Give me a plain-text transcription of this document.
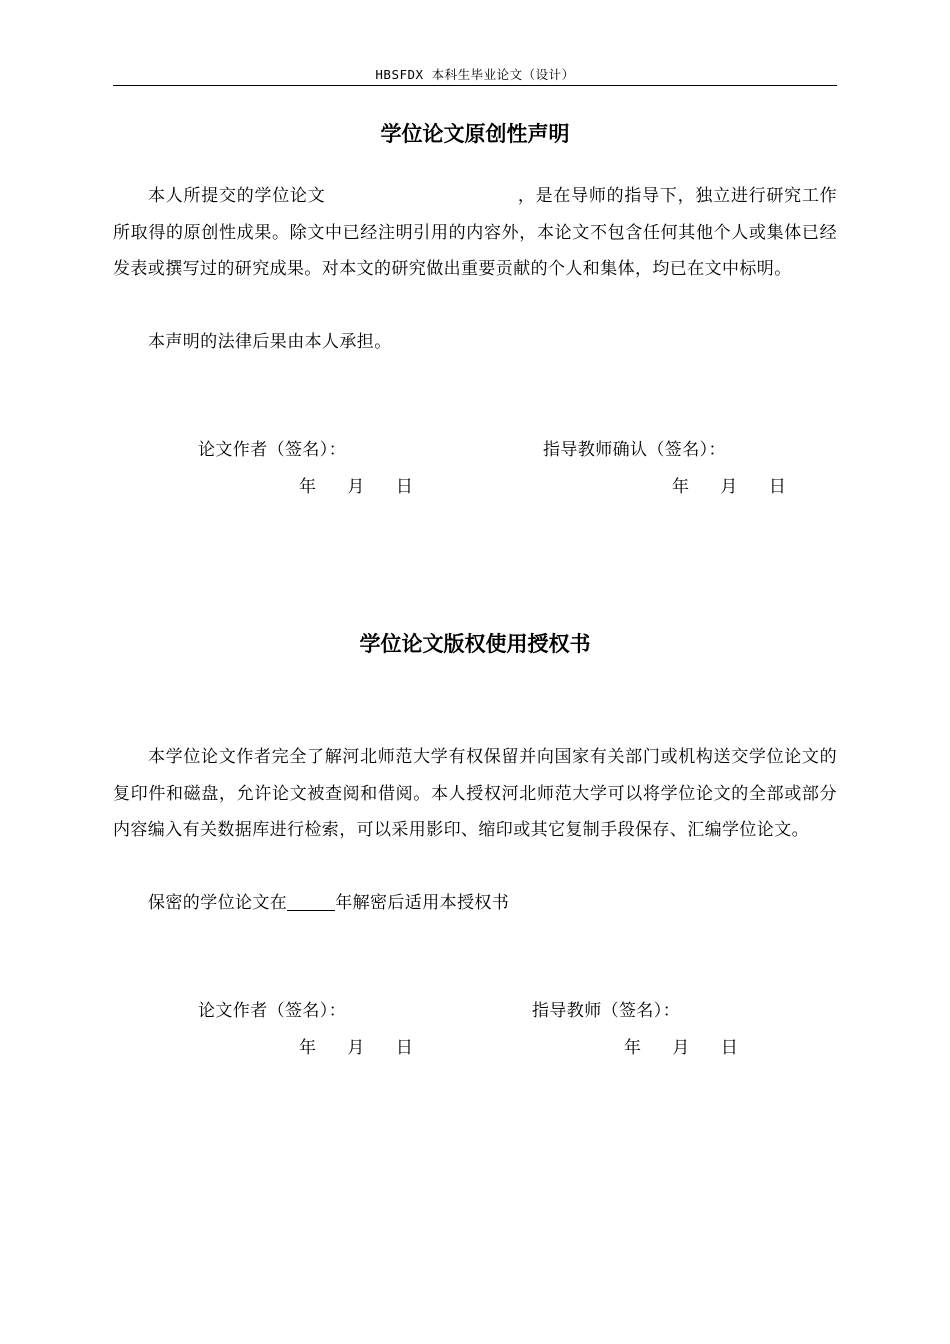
HBSFDX 本科生毕业论文（设计）
学位论文原创性声明
本人所提交的学位论文	，是在导师的指导下，独立进行研究工作所取得的原创性成果。除文中已经注明引用的内容外，本论文不包含任何其他个人或集体已经发表或撰写过的研究成果。对本文的研究做出重要贡献的个人和集体，均已在文中标明。
本声明的法律后果由本人承担。
论文作者（签名）：	指导教师确认（签名）：
年 月 日	年 月 日
学位论文版权使用授权书
本学位论文作者完全了解河北师范大学有权保留并向国家有关部门或机构送交学位论文的复印件和磁盘，允许论文被查阅和借阅。本人授权河北师范大学可以将学位论文的全部或部分内容编入有关数据库进行检索，可以采用影印、缩印或其它复制手段保存、汇编学位论文。
保密的学位论文在	年解密后适用本授权书
论文作者（签名）：	指导教师（签名）：
年 月 日	年 月 日
